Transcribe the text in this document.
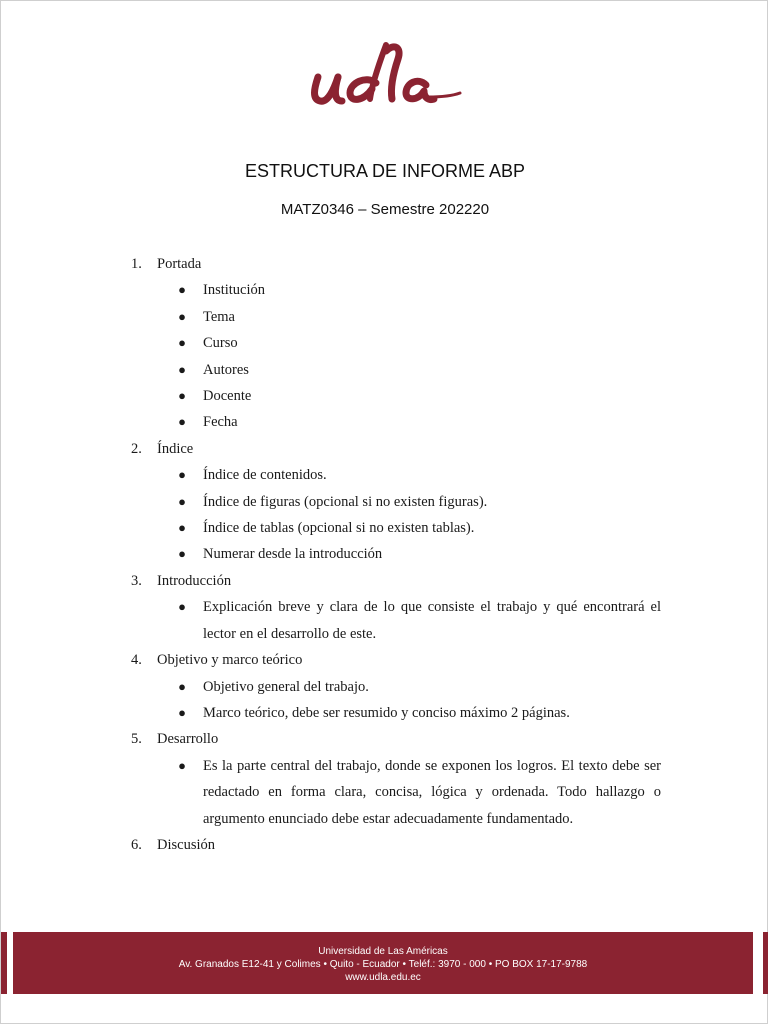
ESTRUCTURA DE INFORME ABP
MATZ0346 – Semestre 202220
1.	Portada
● Institución
● Tema
● Curso
● Autores
● Docente
● Fecha
2.	Índice
● Índice de contenidos.
● Índice de figuras (opcional si no existen figuras).
● Índice de tablas (opcional si no existen tablas).
● Numerar desde la introducción
3.	Introducción
● Explicación breve y clara de lo que consiste el trabajo y qué encontrará el lector en el desarrollo de este.
4.	Objetivo y marco teórico
● Objetivo general del trabajo.
● Marco teórico, debe ser resumido y conciso máximo 2 páginas.
5.	Desarrollo
● Es la parte central del trabajo, donde se exponen los logros. El texto debe ser redactado en forma clara, concisa, lógica y ordenada. Todo hallazgo o argumento enunciado debe estar adecuadamente fundamentado.
6.	Discusión
Universidad de Las Américas
Av. Granados E12-41 y Colimes • Quito - Ecuador • Teléf.: 3970 - 000 • PO BOX 17-17-9788
www.udla.edu.ec
